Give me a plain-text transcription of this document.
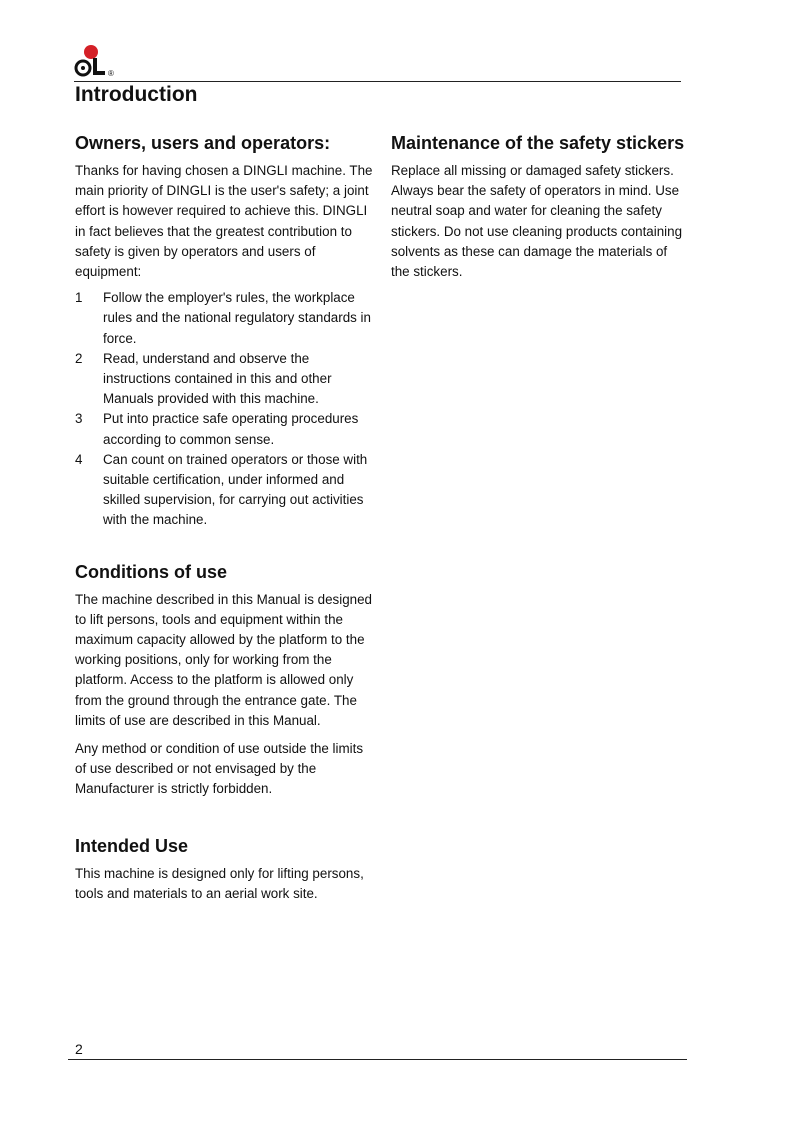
®
Introduction
Owners, users and operators:

Thanks for having chosen a DINGLI machine. The main priority of DINGLI is the user's safety; a joint effort is however required to achieve this. DINGLI in fact believes that the greatest contribution to safety is given by operators and users of equipment:

1	Follow the employer's rules, the workplace rules and the national regulatory standards in force.
2	Read, understand and observe the instructions contained in this and other Manuals provided with this machine.
3	Put into practice safe operating procedures according to common sense.
4	Can count on trained operators or those with suitable certification, under informed and skilled supervision, for carrying out activities with the machine.
Conditions of use

The machine described in this Manual is designed to lift persons, tools and equipment within the maximum capacity allowed by the platform to the working positions, only for working from the platform. Access to the platform is allowed only from the ground through the entrance gate. The limits of use are described in this Manual.

Any method or condition of use outside the limits of use described or not envisaged by the Manufacturer is strictly forbidden.

Intended Use

This machine is designed only for lifting persons, tools and materials to an aerial work site.

Maintenance of the safety stickers

Replace all missing or damaged safety stickers. Always bear the safety of operators in mind. Use neutral soap and water for cleaning the safety stickers. Do not use cleaning products containing solvents as these can damage the materials of the stickers.

2
